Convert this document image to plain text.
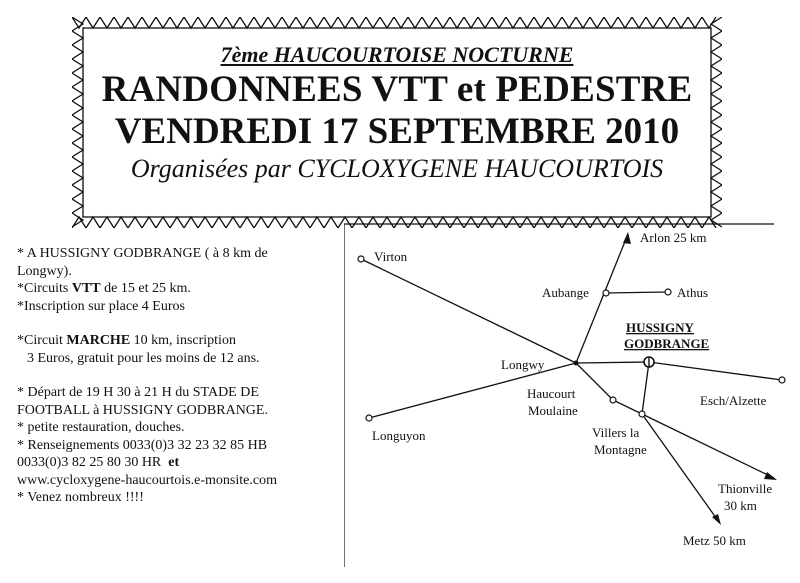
7ème HAUCOURTOISE NOCTURNE
RANDONNEES VTT et PEDESTRE
VENDREDI 17 SEPTEMBRE 2010
Organisées par CYCLOXYGENE HAUCOURTOIS

* A HUSSIGNY GODBRANGE ( à 8 km de

Longwy).

*Circuits VTT de 15 et 25 km.

*Inscription sur place 4 Euros

*Circuit MARCHE 10 km, inscription

3 Euros, gratuit pour les moins de 12 ans.

* Départ de 19 H 30 à 21 H du STADE DE

FOOTBALL à HUSSIGNY GODBRANGE.

* petite restauration, douches.

* Renseignements 0033(0)3 32 23 32 85 HB

0033(0)3 82 25 80 30 HR et

www.cycloxygene-haucourtois.e-monsite.com

* Venez nombreux !!!!

Virton
Arlon 25 km
Aubange	Athus
HUSSIGNY
GODBRANGE
Longwy
Haucourt
Moulaine
Esch/Alzette
Longuyon	Villers la
Montagne
Thionville
30 km
Metz 50 km
